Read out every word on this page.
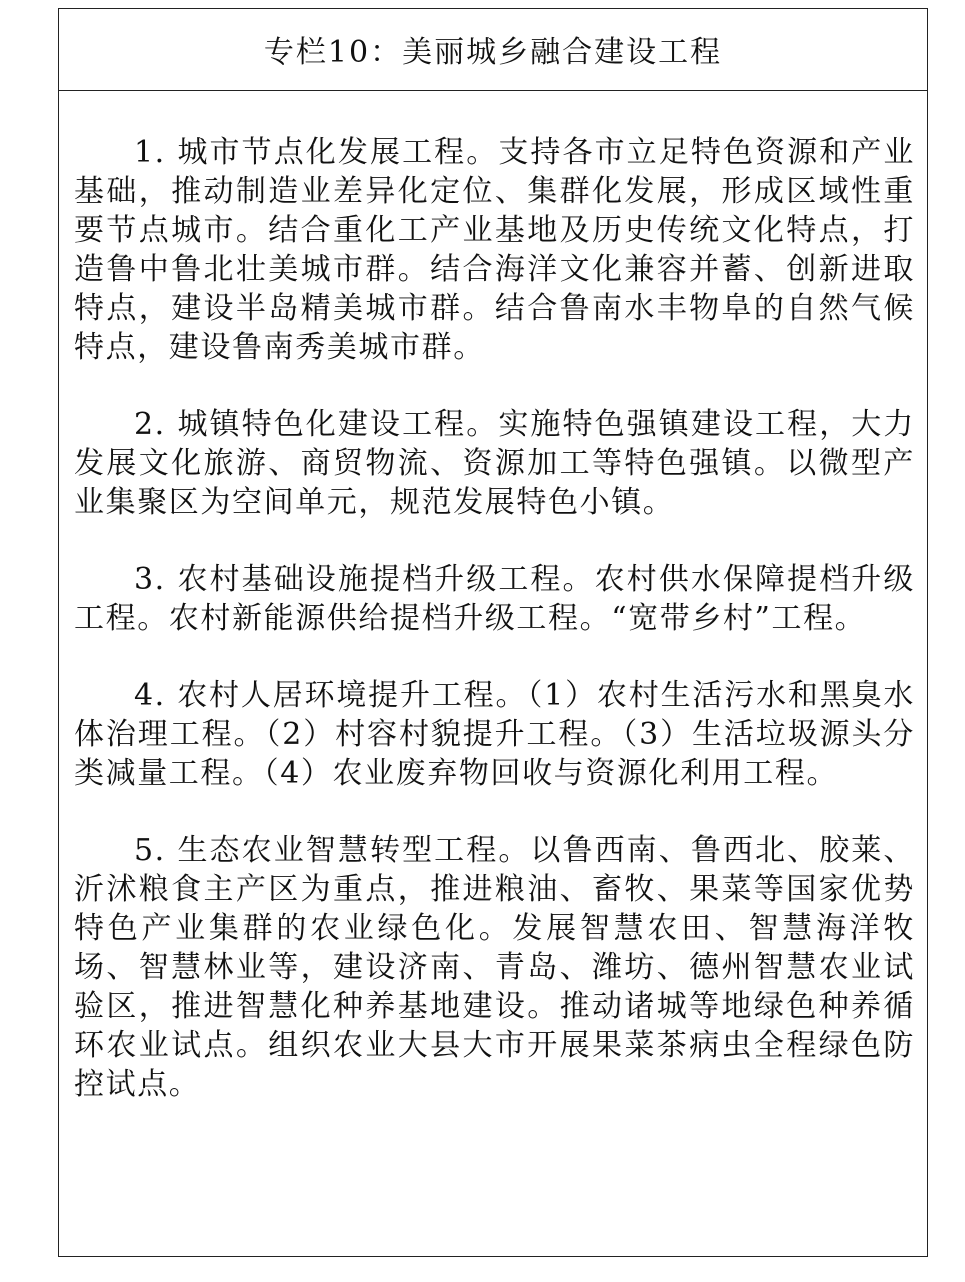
专栏10：美丽城乡融合建设工程

1. 城市节点化发展工程。支持各市立足特色资源和产业基础，推动制造业差异化定位、集群化发展，形成区域性重要节点城市。结合重化工产业基地及历史传统文化特点，打造鲁中鲁北壮美城市群。结合海洋文化兼容并蓄、创新进取特点，建设半岛精美城市群。结合鲁南水丰物阜的自然气候特点，建设鲁南秀美城市群。

2. 城镇特色化建设工程。实施特色强镇建设工程，大力发展文化旅游、商贸物流、资源加工等特色强镇。以微型产业集聚区为空间单元，规范发展特色小镇。

3. 农村基础设施提档升级工程。农村供水保障提档升级工程。农村新能源供给提档升级工程。“宽带乡村”工程。

4. 农村人居环境提升工程。（1）农村生活污水和黑臭水体治理工程。（2）村容村貌提升工程。（3）生活垃圾源头分类减量工程。（4）农业废弃物回收与资源化利用工程。

5. 生态农业智慧转型工程。以鲁西南、鲁西北、胶莱、沂沭粮食主产区为重点，推进粮油、畜牧、果菜等国家优势特色产业集群的农业绿色化。发展智慧农田、智慧海洋牧场、智慧林业等，建设济南、青岛、潍坊、德州智慧农业试验区，推进智慧化种养基地建设。推动诸城等地绿色种养循环农业试点。组织农业大县大市开展果菜茶病虫全程绿色防控试点。
